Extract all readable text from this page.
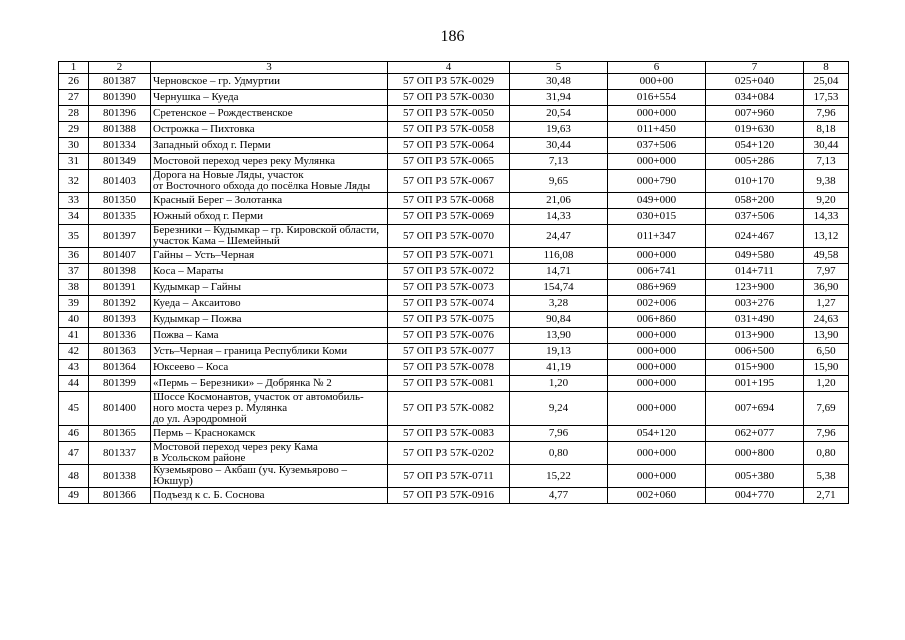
186
1	2	3	4	5	6	7	8
26	801387	Черновское – гр. Удмуртии	57 ОП РЗ 57К-0029	30,48	000+00	025+040	25,04
27	801390	Чернушка – Куеда	57 ОП РЗ 57К-0030	31,94	016+554	034+084	17,53
28	801396	Сретенское – Рождественское	57 ОП РЗ 57К-0050	20,54	000+000	007+960	7,96
29	801388	Острожка – Пихтовка	57 ОП РЗ 57К-0058	19,63	011+450	019+630	8,18
30	801334	Западный обход г. Перми	57 ОП РЗ 57К-0064	30,44	037+506	054+120	30,44
31	801349	Мостовой переход через реку Мулянка	57 ОП РЗ 57К-0065	7,13	000+000	005+286	7,13
32	801403	Дорога на Новые Ляды, участок
от Восточного обхода до посёлка Новые Ляды	57 ОП РЗ 57К-0067	9,65	000+790	010+170	9,38
33	801350	Красный Берег – Золотанка	57 ОП РЗ 57К-0068	21,06	049+000	058+200	9,20
34	801335	Южный обход г. Перми	57 ОП РЗ 57К-0069	14,33	030+015	037+506	14,33
35	801397	Березники – Кудымкар – гр. Кировской области, участок Кама – Шемейный	57 ОП РЗ 57К-0070	24,47	011+347	024+467	13,12
36	801407	Гайны – Усть–Черная	57 ОП РЗ 57К-0071	116,08	000+000	049+580	49,58
37	801398	Коса – Мараты	57 ОП РЗ 57К-0072	14,71	006+741	014+711	7,97
38	801391	Кудымкар – Гайны	57 ОП РЗ 57К-0073	154,74	086+969	123+900	36,90
39	801392	Куеда – Аксаитово	57 ОП РЗ 57К-0074	3,28	002+006	003+276	1,27
40	801393	Кудымкар – Пожва	57 ОП РЗ 57К-0075	90,84	006+860	031+490	24,63
41	801336	Пожва – Кама	57 ОП РЗ 57К-0076	13,90	000+000	013+900	13,90
42	801363	Усть–Черная – граница Республики Коми	57 ОП РЗ 57К-0077	19,13	000+000	006+500	6,50
43	801364	Юксеево – Коса	57 ОП РЗ 57К-0078	41,19	000+000	015+900	15,90
44	801399	«Пермь – Березники» – Добрянка № 2	57 ОП РЗ 57К-0081	1,20	000+000	001+195	1,20
45	801400	Шоссе Космонавтов, участок от автомобиль-
ного моста через р. Мулянка
до ул. Аэродромной	57 ОП РЗ 57К-0082	9,24	000+000	007+694	7,69
46	801365	Пермь – Краснокамск	57 ОП РЗ 57К-0083	7,96	054+120	062+077	7,96
47	801337	Мостовой переход через реку Кама
в Усольском районе	57 ОП РЗ 57К-0202	0,80	000+000	000+800	0,80
48	801338	Куземьярово – Акбаш (уч. Куземьярово –
Юкшур)	57 ОП РЗ 57К-0711	15,22	000+000	005+380	5,38
49	801366	Подъезд к с. Б. Соснова	57 ОП РЗ 57К-0916	4,77	002+060	004+770	2,71
